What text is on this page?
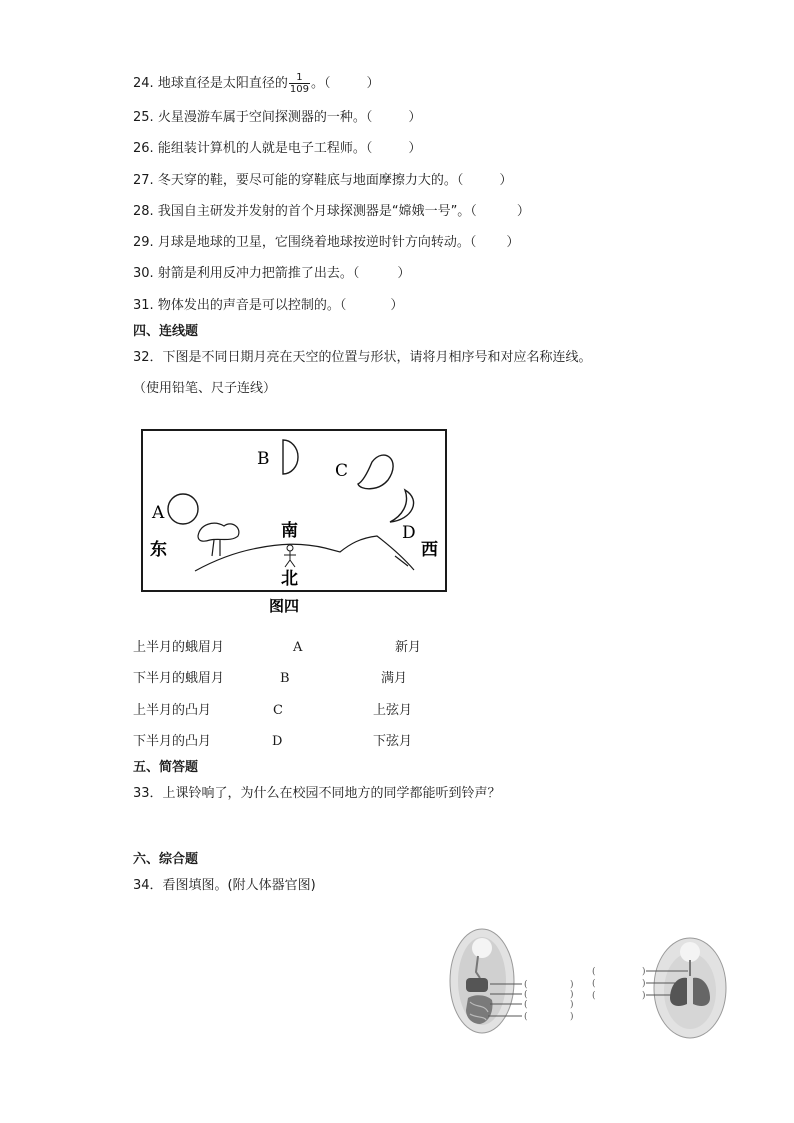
24. 地球直径是太阳直径的 $\frac{1}{109}$ 。（	）
25. 火星漫游车属于空间探测器的一种。（	）
26. 能组装计算机的人就是电子工程师。（	）
27. 冬天穿的鞋，要尽可能的穿鞋底与地面摩擦力大的。（	）
28. 我国自主研发并发射的首个月球探测器是“嫦娥一号”。（	）
29. 月球是地球的卫星，它围绕着地球按逆时针方向转动。（ ）
30. 射箭是利用反冲力把箭推了出去。（	）
31. 物体发出的声音是可以控制的。（	）
四、连线题
32．下图是不同日期月亮在天空的位置与形状，请将月相序号和对应名称连线。
（使用铅笔、尺子连线）
A
B
C
D
东
南
北
西
图四
上半月的蛾眉月	A	新月
下半月的蛾眉月	B	满月
上半月的凸月	C	上弦月
下半月的凸月	D	下弦月
五、简答题
33．上课铃响了，为什么在校园不同地方的同学都能听到铃声？
六、综合题
34．看图填图。(附人体器官图)
(	)
(	)
(	)
(	)
(	)
(	)
(	)
